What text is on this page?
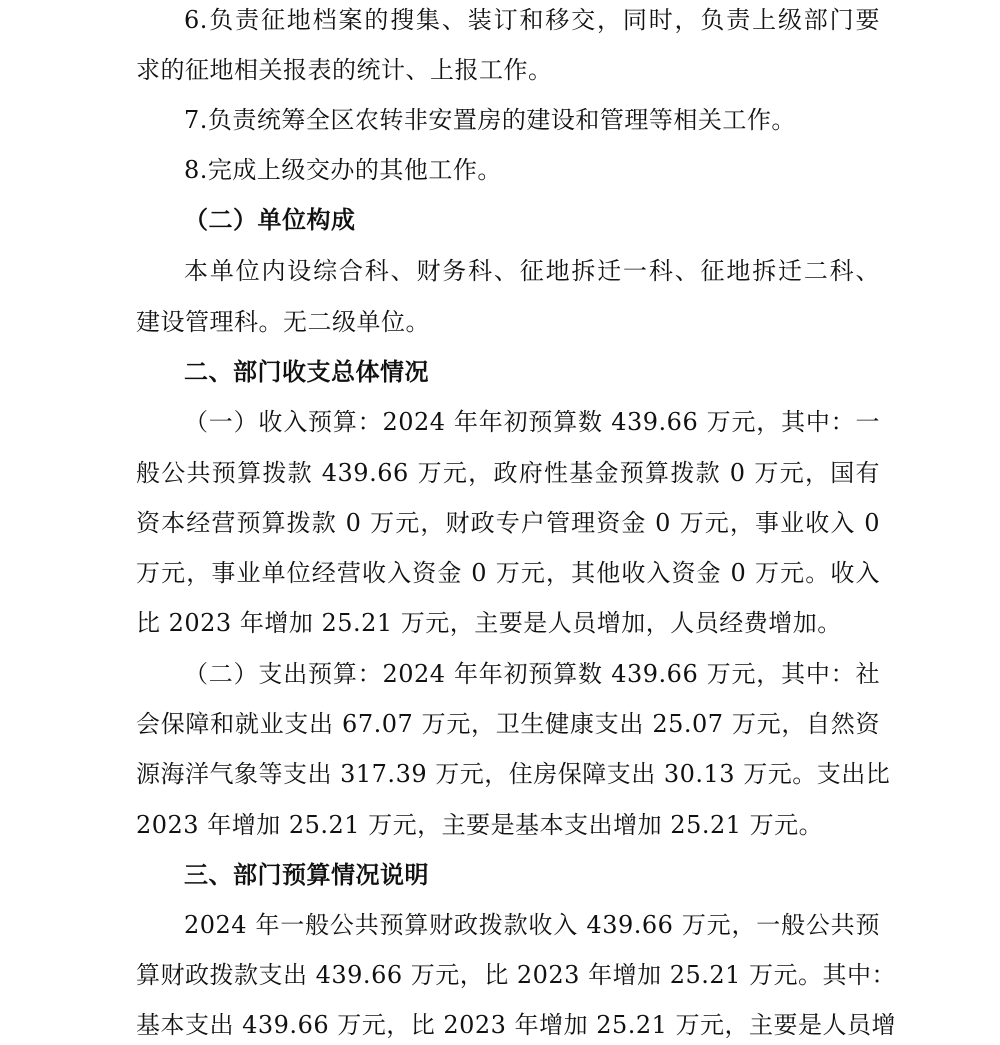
6.负责征地档案的搜集、装订和移交，同时，负责上级部门要
求的征地相关报表的统计、上报工作。
7.负责统筹全区农转非安置房的建设和管理等相关工作。
8.完成上级交办的其他工作。
（二）单位构成
本单位内设综合科、财务科、征地拆迁一科、征地拆迁二科、
建设管理科。无二级单位。
二、部门收支总体情况
（一）收入预算：2024 年年初预算数 439.66 万元，其中：一
般公共预算拨款 439.66 万元，政府性基金预算拨款 0 万元，国有
资本经营预算拨款 0 万元，财政专户管理资金 0 万元，事业收入 0
万元，事业单位经营收入资金 0 万元，其他收入资金 0 万元。收入
比 2023 年增加 25.21 万元，主要是人员增加，人员经费增加。
（二）支出预算：2024 年年初预算数 439.66 万元，其中：社
会保障和就业支出 67.07 万元，卫生健康支出 25.07 万元，自然资
源海洋气象等支出 317.39 万元，住房保障支出 30.13 万元。支出比
2023 年增加 25.21 万元，主要是基本支出增加 25.21 万元。
三、部门预算情况说明
2024 年一般公共预算财政拨款收入 439.66 万元，一般公共预
算财政拨款支出 439.66 万元，比 2023 年增加 25.21 万元。其中：
基本支出 439.66 万元，比 2023 年增加 25.21 万元，主要是人员增
